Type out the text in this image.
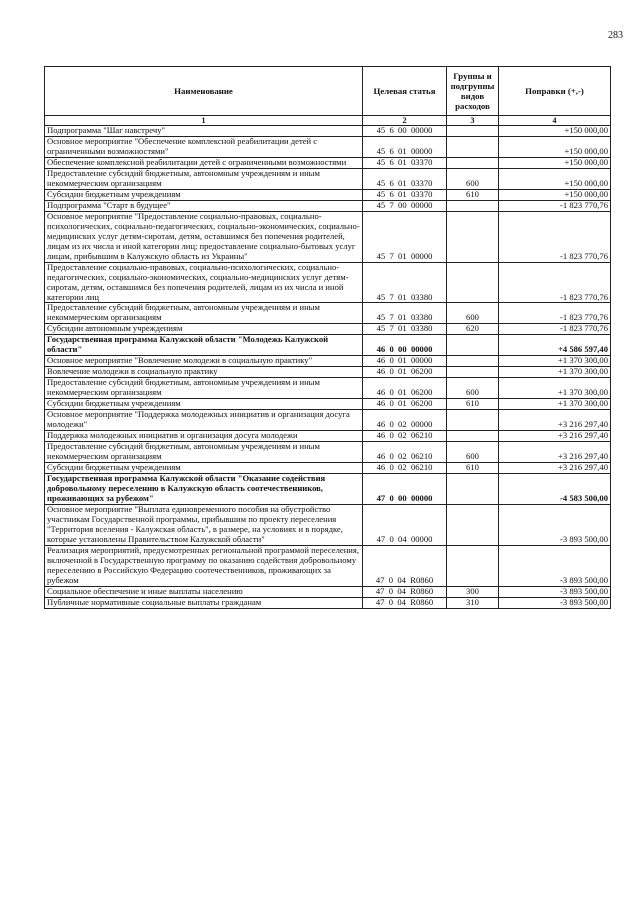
283
Наименование	Целевая статья	Группы и подгруппы видов расходов	Поправки (+,-)
1	2	3	4
Подпрограмма "Шаг навстречу"	45  6  00  00000		+150 000,00
Основное мероприятие "Обеспечение комплексной реабилитации детей с ограниченными возможностями"	45  6  01  00000		+150 000,00
Обеспечение комплексной реабилитации детей с ограниченными возможностями	45  6  01  03370		+150 000,00
Предоставление субсидий бюджетным, автономным учреждениям и иным некоммерческим организациям	45  6  01  03370	600	+150 000,00
Субсидии бюджетным учреждениям	45  6  01  03370	610	+150 000,00
Подпрограмма "Старт в будущее"	45  7  00  00000		-1 823 770,76
Основное мероприятие "Предоставление социально-правовых, социально-психологических, социально-педагогических, социально-экономических, социально-медицинских услуг детям-сиротам, детям, оставшимся без попечения родителей, лицам из их числа и иной категории лиц; предоставление социально-бытовых услуг лицам, прибывшим в Калужскую область из Украины"	45  7  01  00000		-1 823 770,76
Предоставление социально-правовых, социально-психологических, социально-педагогических, социально-экономических, социально-медицинских услуг детям-сиротам, детям, оставшимся без попечения родителей, лицам из их числа и иной категории лиц	45  7  01  03380		-1 823 770,76
Предоставление субсидий бюджетным, автономным учреждениям и иным некоммерческим организациям	45  7  01  03380	600	-1 823 770,76
Субсидии автономным учреждениям	45  7  01  03380	620	-1 823 770,76
Государственная программа Калужской области "Молодежь Калужской области"	46  0  00  00000		+4 586 597,40
Основное мероприятие "Вовлечение молодежи в социальную практику"	46  0  01  00000		+1 370 300,00
Вовлечение молодежи в социальную практику	46  0  01  06200		+1 370 300,00
Предоставление субсидий бюджетным, автономным учреждениям и иным некоммерческим организациям	46  0  01  06200	600	+1 370 300,00
Субсидии бюджетным учреждениям	46  0  01  06200	610	+1 370 300,00
Основное мероприятие "Поддержка молодежных инициатив и организация досуга молодежи"	46  0  02  00000		+3 216 297,40
Поддержка молодежных инициатив и организация досуга молодежи	46  0  02  06210		+3 216 297,40
Предоставление субсидий бюджетным, автономным учреждениям и иным некоммерческим организациям	46  0  02  06210	600	+3 216 297,40
Субсидии бюджетным учреждениям	46  0  02  06210	610	+3 216 297,40
Государственная программа Калужской области "Оказание содействия добровольному переселению в Калужскую область соотечественников, проживающих за рубежом"	47  0  00  00000		-4 583 500,00
Основное мероприятие "Выплата единовременного пособия на обустройство участникам Государственной программы, прибывшим по проекту переселения "Территория вселения - Калужская область", в размере, на условиях и в порядке, которые установлены Правительством Калужской области"	47  0  04  00000		-3 893 500,00
Реализация мероприятий, предусмотренных региональной программой переселения, включенной в Государственную программу по оказанию содействия добровольному переселению в Российскую Федерацию соотечественников, проживающих за рубежом	47  0  04  R0860		-3 893 500,00
Социальное обеспечение и иные выплаты населению	47  0  04  R0860	300	-3 893 500,00
Публичные нормативные социальные выплаты гражданам	47  0  04  R0860	310	-3 893 500,00
